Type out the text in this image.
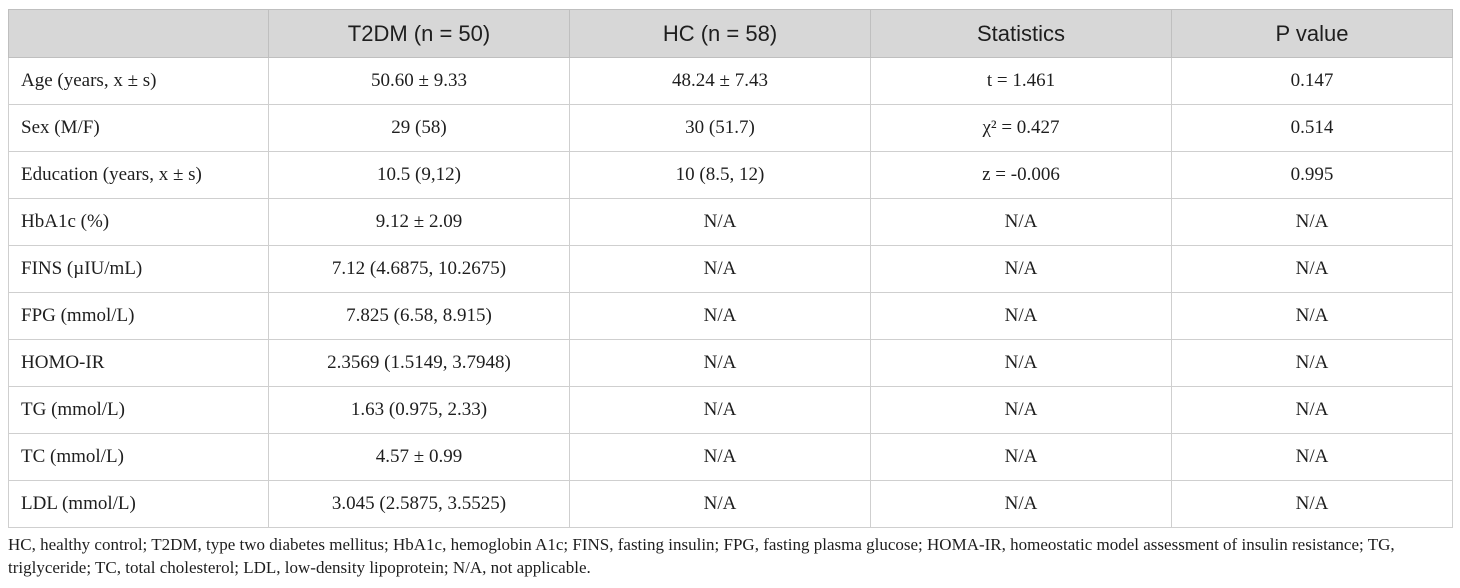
	T2DM (n = 50)	HC (n = 58)	Statistics	P value
Age (years, x ± s)	50.60 ± 9.33	48.24 ± 7.43	t = 1.461	0.147
Sex (M/F)	29 (58)	30 (51.7)	χ² = 0.427	0.514
Education (years, x ± s)	10.5 (9,12)	10 (8.5, 12)	z = -0.006	0.995
HbA1c (%)	9.12 ± 2.09	N/A	N/A	N/A
FINS (µIU/mL)	7.12 (4.6875, 10.2675)	N/A	N/A	N/A
FPG (mmol/L)	7.825 (6.58, 8.915)	N/A	N/A	N/A
HOMO-IR	2.3569 (1.5149, 3.7948)	N/A	N/A	N/A
TG (mmol/L)	1.63 (0.975, 2.33)	N/A	N/A	N/A
TC (mmol/L)	4.57 ± 0.99	N/A	N/A	N/A
LDL (mmol/L)	3.045 (2.5875, 3.5525)	N/A	N/A	N/A
HC, healthy control; T2DM, type two diabetes mellitus; HbA1c, hemoglobin A1c; FINS, fasting insulin; FPG, fasting plasma glucose; HOMA-IR, homeostatic model assessment of insulin resistance; TG, triglyceride; TC, total cholesterol; LDL, low-density lipoprotein; N/A, not applicable.
